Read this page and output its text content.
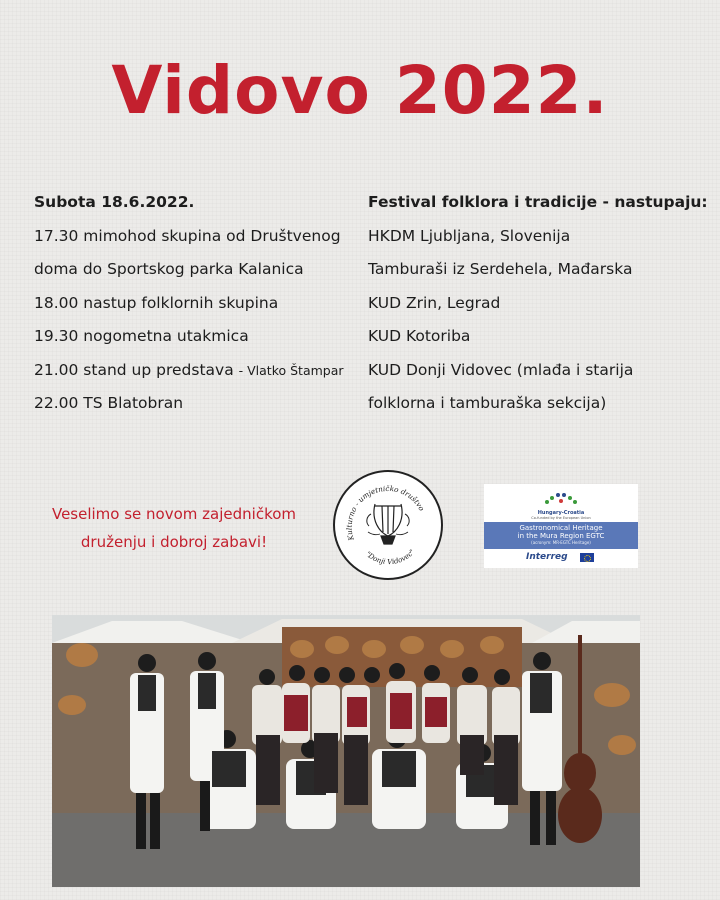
Vidovo 2022.
Subota 18.6.2022.
17.30 mimohod skupina od Društvenog
doma do Sportskog parka Kalanica
18.00 nastup folklornih skupina
19.30 nogometna utakmica
21.00 stand up predstava - Vlatko Štampar
22.00 TS Blatobran
Festival folklora i tradicije - nastupaju:
HKDM Ljubljana, Slovenija
Tamburaši iz Serdehela, Mađarska
KUD Zrin, Legrad
KUD Kotoriba
KUD Donji Vidovec (mlađa i starija
folklorna i tamburaška sekcija)
Veselimo se novom zajedničkom
druženju i dobroj zabavi!	Kulturno - umjetničko društvo
"Donji Vidovec"
Hungary-Croatia
Co-funded by the European Union
Gastronomical Heritage
in the Mura Region EGTC
(acronym: MR-EGTC Heritage)
Interreg
